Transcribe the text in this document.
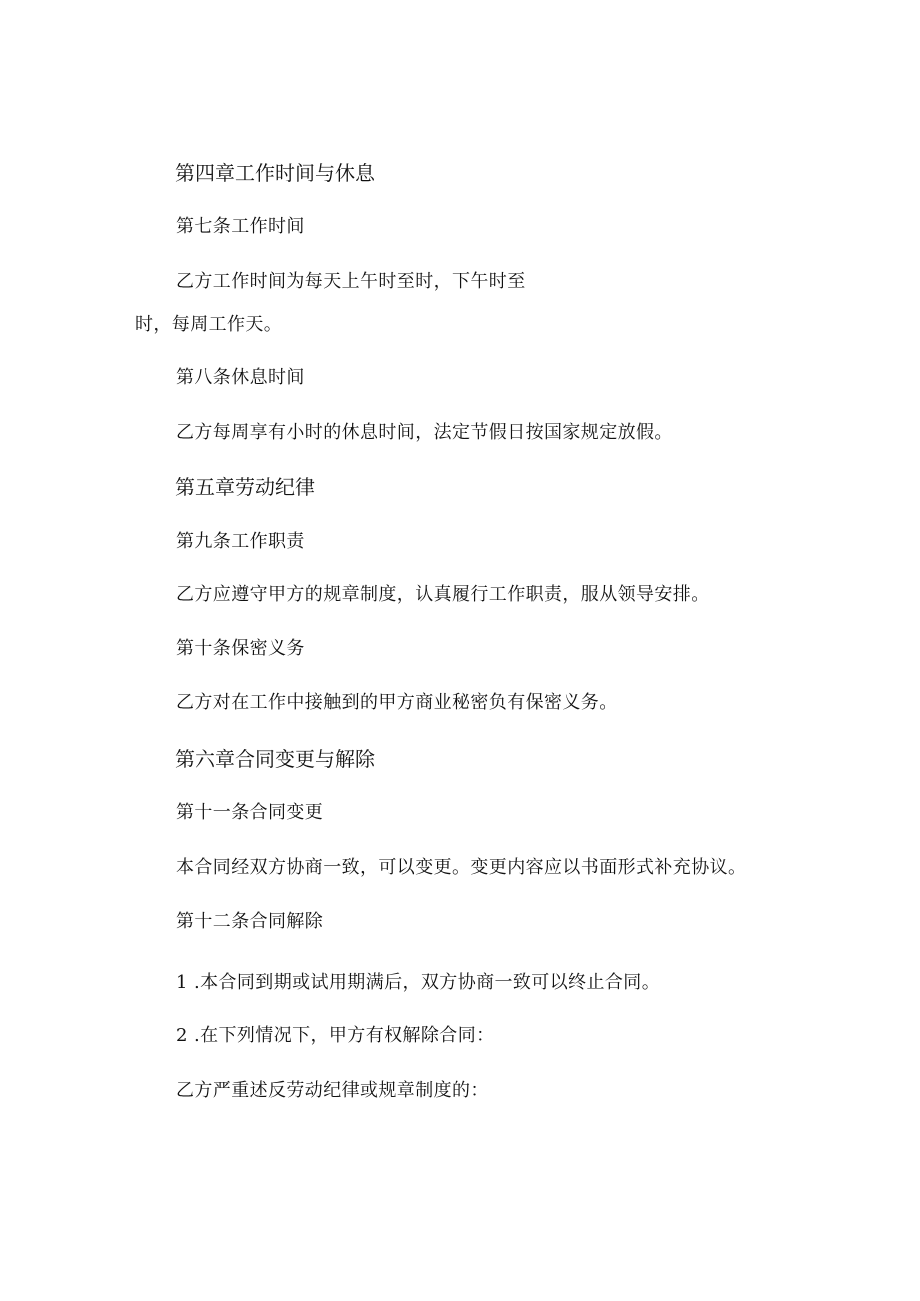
第四章工作时间与休息
第七条工作时间
乙方工作时间为每天上午时至时，下午时至
时，每周工作天。
第八条休息时间
乙方每周享有小时的休息时间，法定节假日按国家规定放假。
第五章劳动纪律
第九条工作职责
乙方应遵守甲方的规章制度，认真履行工作职责，服从领导安排。
第十条保密义务
乙方对在工作中接触到的甲方商业秘密负有保密义务。
第六章合同变更与解除
第十一条合同变更
本合同经双方协商一致，可以变更。变更内容应以书面形式补充协议。
第十二条合同解除
1 .本合同到期或试用期满后，双方协商一致可以终止合同。
2 .在下列情况下，甲方有权解除合同：
乙方严重述反劳动纪律或规章制度的：
